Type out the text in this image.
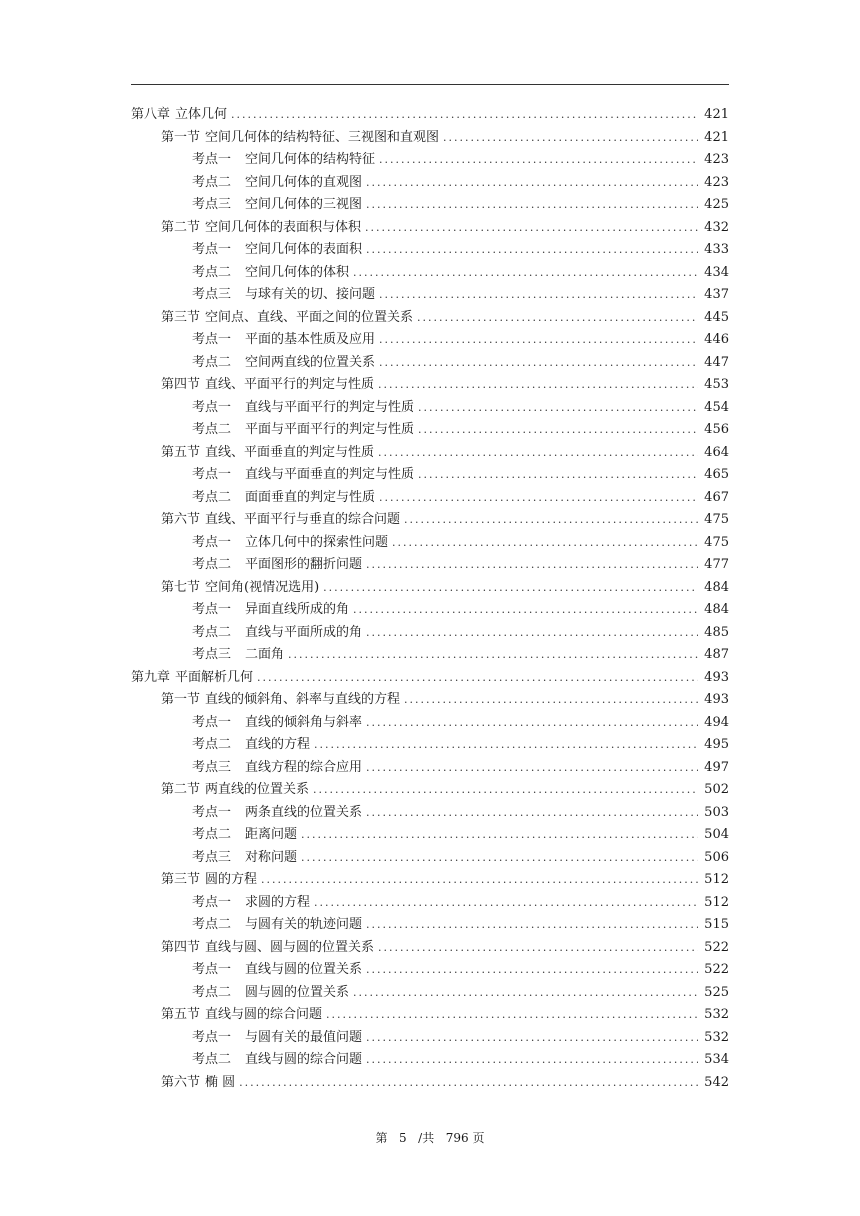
第八章 立体几何 .....	421
第一节 空间几何体的结构特征、三视图和直观图 .....	421
考点一 空间几何体的结构特征 .....	423
考点二 空间几何体的直观图 .....	423
考点三 空间几何体的三视图 .....	425
第二节 空间几何体的表面积与体积 .....	432
考点一 空间几何体的表面积 .....	433
考点二 空间几何体的体积 .....	434
考点三 与球有关的切、接问题 .....	437
第三节 空间点、直线、平面之间的位置关系 .....	445
考点一 平面的基本性质及应用 .....	446
考点二 空间两直线的位置关系 .....	447
第四节 直线、平面平行的判定与性质 .....	453
考点一 直线与平面平行的判定与性质 .....	454
考点二 平面与平面平行的判定与性质 .....	456
第五节 直线、平面垂直的判定与性质 .....	464
考点一 直线与平面垂直的判定与性质 .....	465
考点二 面面垂直的判定与性质 .....	467
第六节 直线、平面平行与垂直的综合问题 .....	475
考点一 立体几何中的探索性问题 .....	475
考点二 平面图形的翻折问题 .....	477
第七节 空间角(视情况选用) .....	484
考点一 异面直线所成的角 .....	484
考点二 直线与平面所成的角 .....	485
考点三 二面角 .....	487
第九章 平面解析几何 .....	493
第一节 直线的倾斜角、斜率与直线的方程 .....	493
考点一 直线的倾斜角与斜率 .....	494
考点二 直线的方程 .....	495
考点三 直线方程的综合应用 .....	497
第二节 两直线的位置关系 .....	502
考点一 两条直线的位置关系 .....	503
考点二 距离问题 .....	504
考点三 对称问题 .....	506
第三节 圆的方程 .....	512
考点一 求圆的方程 .....	512
考点二 与圆有关的轨迹问题 .....	515
第四节 直线与圆、圆与圆的位置关系 .....	522
考点一 直线与圆的位置关系 .....	522
考点二 圆与圆的位置关系 .....	525
第五节 直线与圆的综合问题 .....	532
考点一 与圆有关的最值问题 .....	532
考点二 直线与圆的综合问题 .....	534
第六节 椭 圆 .....	542
第 5 /共 796 页
